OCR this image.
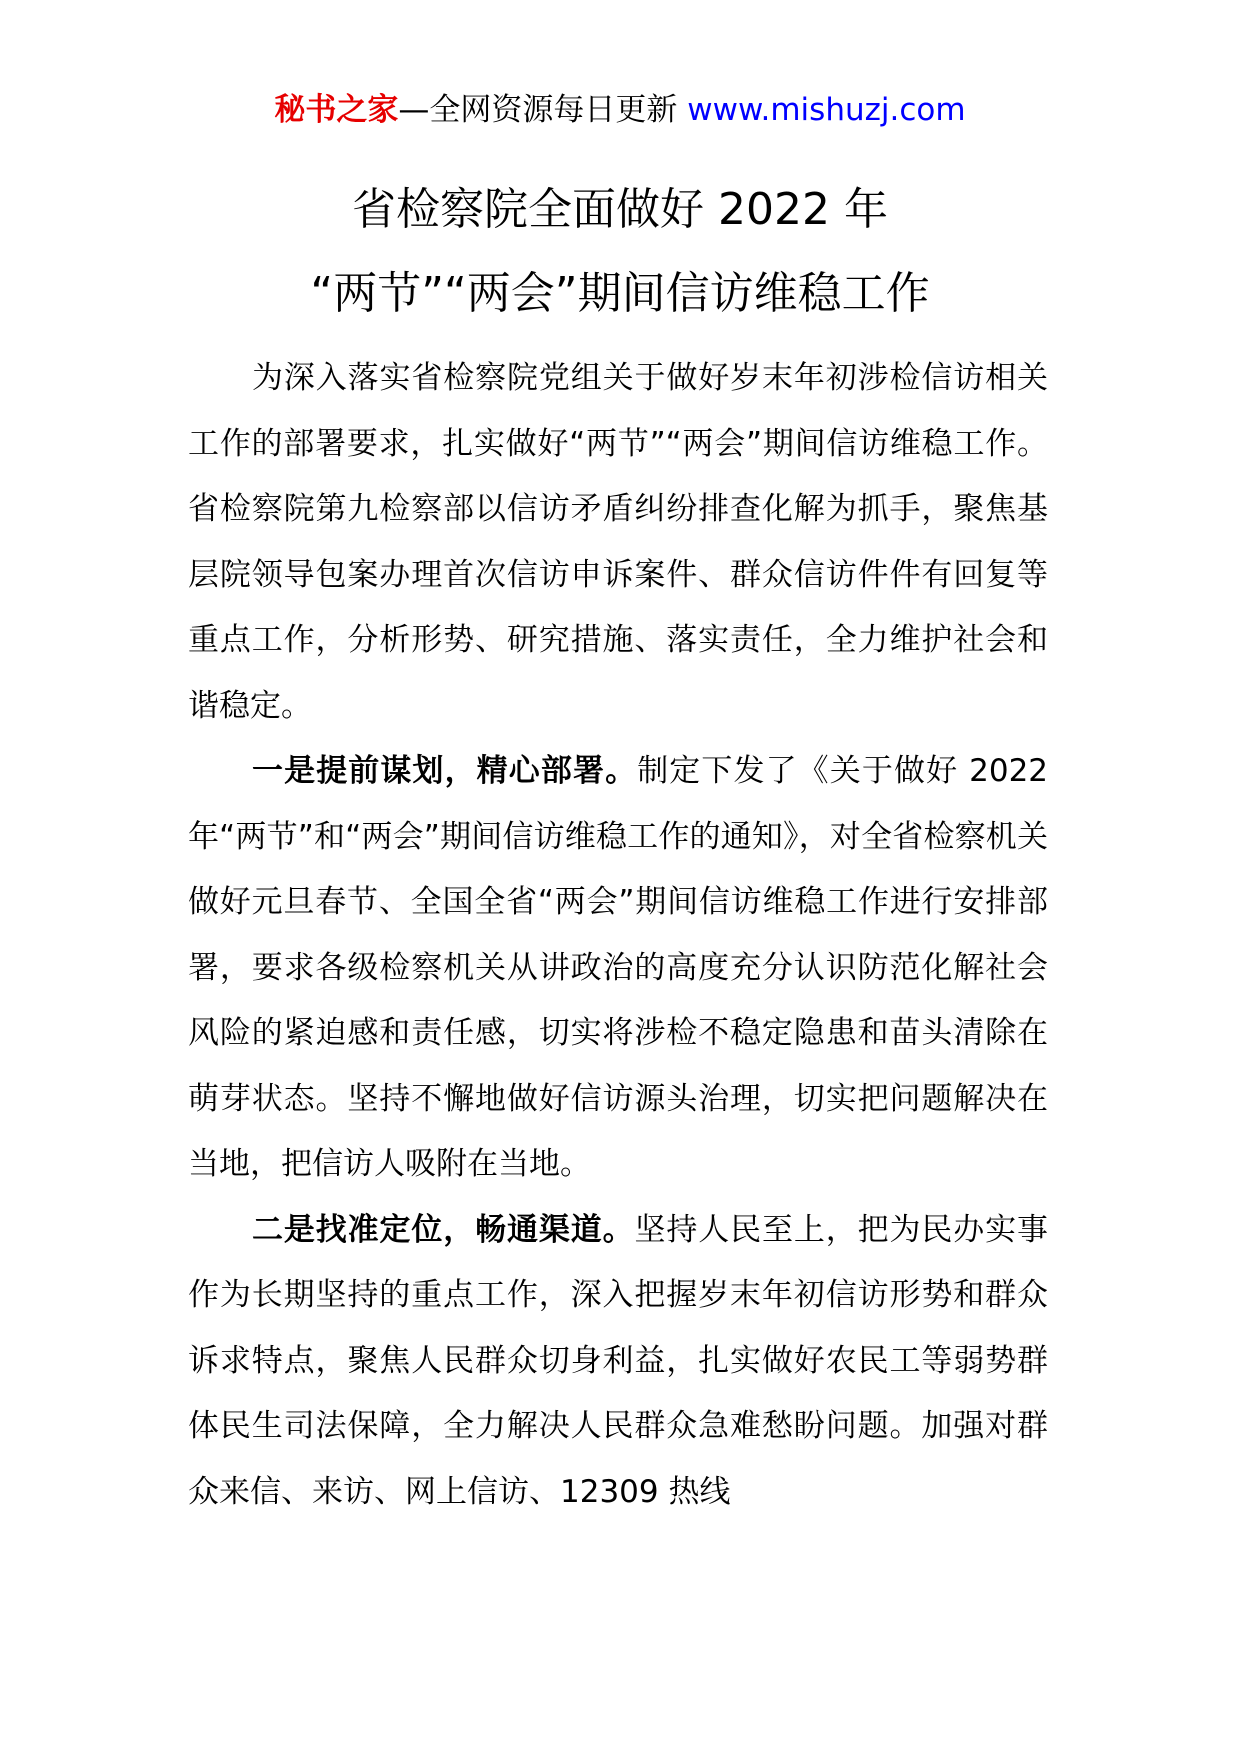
秘书之家—全网资源每日更新 www.mishuzj.com
省检察院全面做好 2022 年
“两节”“两会”期间信访维稳工作

为深入落实省检察院党组关于做好岁末年初涉检信访相关工作的部署要求，扎实做好“两节”“两会”期间信访维稳工作。省检察院第九检察部以信访矛盾纠纷排查化解为抓手，聚焦基层院领导包案办理首次信访申诉案件、群众信访件件有回复等重点工作，分析形势、研究措施、落实责任，全力维护社会和谐稳定。

一是提前谋划，精心部署。制定下发了《关于做好 2022 年“两节”和“两会”期间信访维稳工作的通知》，对全省检察机关做好元旦春节、全国全省“两会”期间信访维稳工作进行安排部署，要求各级检察机关从讲政治的高度充分认识防范化解社会风险的紧迫感和责任感，切实将涉检不稳定隐患和苗头清除在萌芽状态。坚持不懈地做好信访源头治理，切实把问题解决在当地，把信访人吸附在当地。

二是找准定位，畅通渠道。坚持人民至上，把为民办实事作为长期坚持的重点工作，深入把握岁末年初信访形势和群众诉求特点，聚焦人民群众切身利益，扎实做好农民工等弱势群体民生司法保障，全力解决人民群众急难愁盼问题。加强对群众来信、来访、网上信访、12309 热线
